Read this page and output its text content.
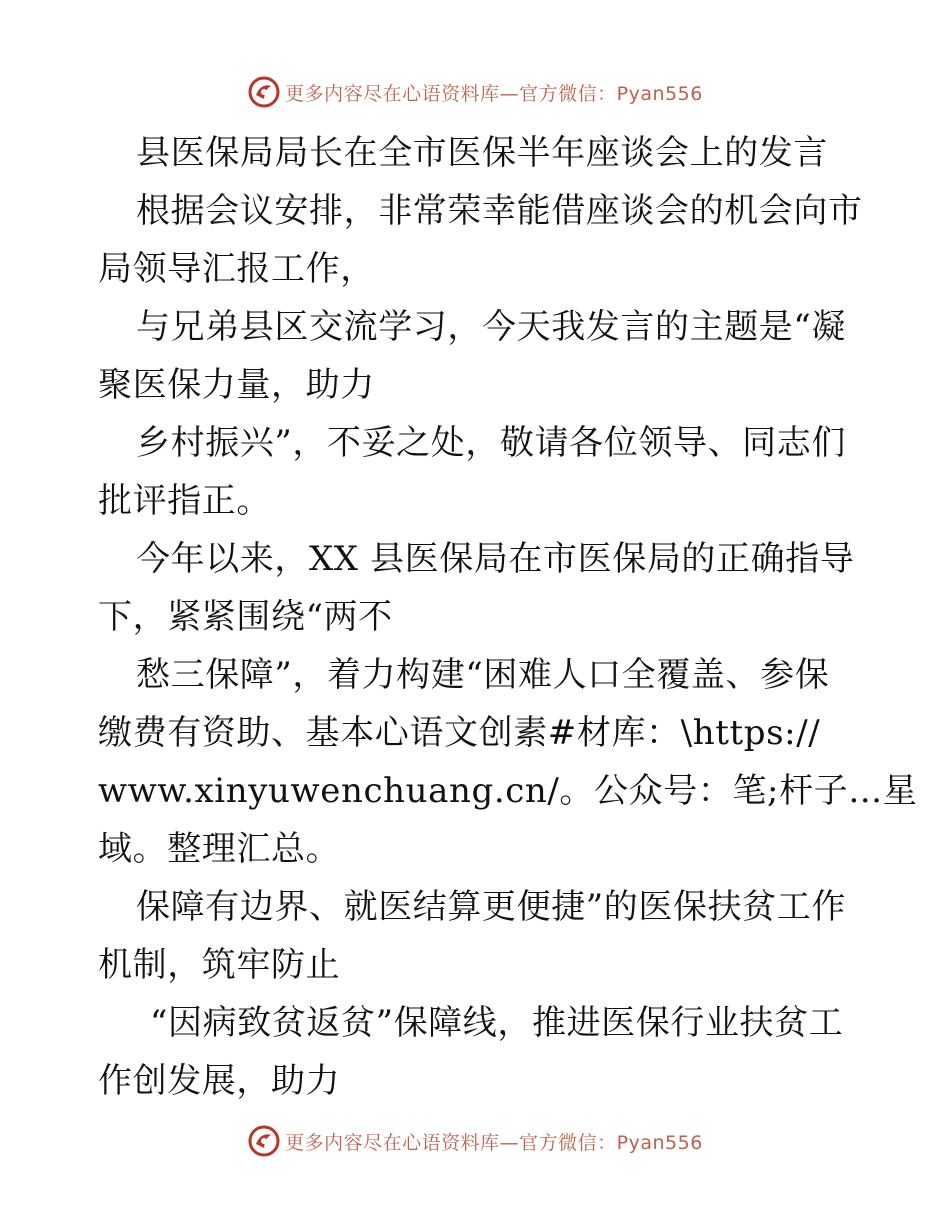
更多内容尽在心语资料库—官方微信：Pyan556
县医保局局长在全市医保半年座谈会上的发言
根据会议安排，非常荣幸能借座谈会的机会向市
局领导汇报工作，
与兄弟县区交流学习，今天我发言的主题是“凝
聚医保力量，助力
乡村振兴”，不妥之处，敬请各位领导、同志们
批评指正。
今年以来，XX 县医保局在市医保局的正确指导
下，紧紧围绕“两不
愁三保障”，着力构建“困难人口全覆盖、参保
缴费有资助、基本心语文创素#材库：\https://
www.xinyuwenchuang.cn/。公众号：笔;杆子…星
域。整理汇总。
保障有边界、就医结算更便捷”的医保扶贫工作
机制，筑牢防止
“因病致贫返贫”保障线，推进医保行业扶贫工
作创发展，助力
更多内容尽在心语资料库—官方微信：Pyan556
